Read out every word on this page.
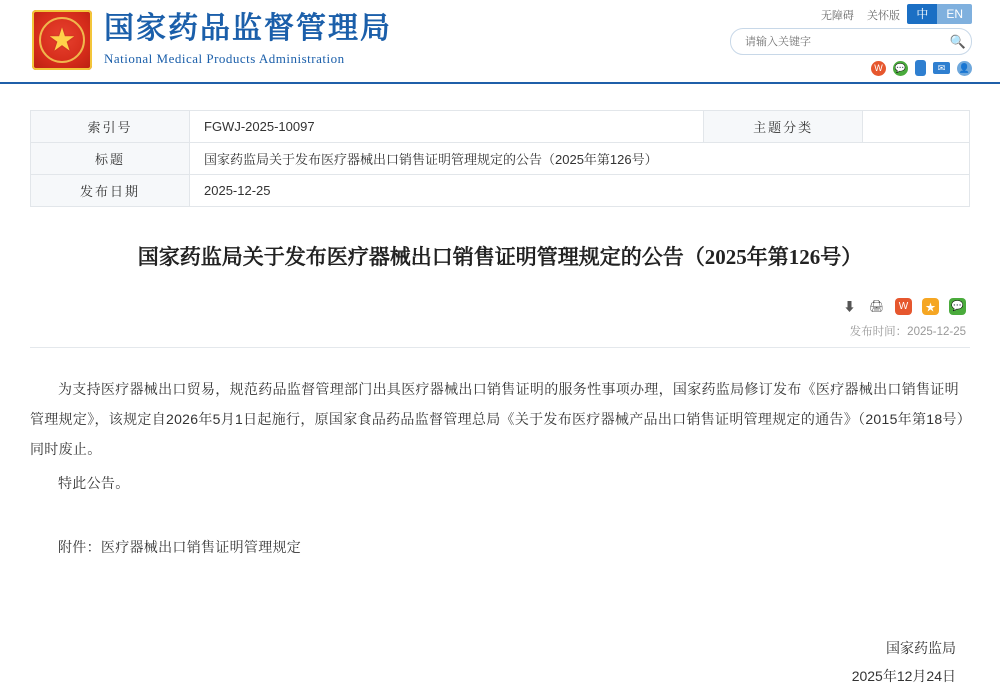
★ 国家药品监督管理局
National Medical Products Administration
无障碍 关怀版	中	EN
请输入关键字
🔍
W	💬	✉	👤
索引号	FGWJ-2025-10097	主题分类	
标题	国家药监局关于发布医疗器械出口销售证明管理规定的公告（2025年第126号）		
发布日期	2025-12-25		
国家药监局关于发布医疗器械出口销售证明管理规定的公告（2025年第126号）
⬇ 🖨	W	★	💬
发布时间：2025-12-25

为支持医疗器械出口贸易，规范药品监督管理部门出具医疗器械出口销售证明的服务性事项办理，国家药监局修订发布《医疗器械出口销售证明管理规定》，该规定自2026年5月1日起施行，原国家食品药品监督管理总局《关于发布医疗器械产品出口销售证明管理规定的通告》（2015年第18号）同时废止。

特此公告。

附件：医疗器械出口销售证明管理规定
国家药监局
2025年12月24日
